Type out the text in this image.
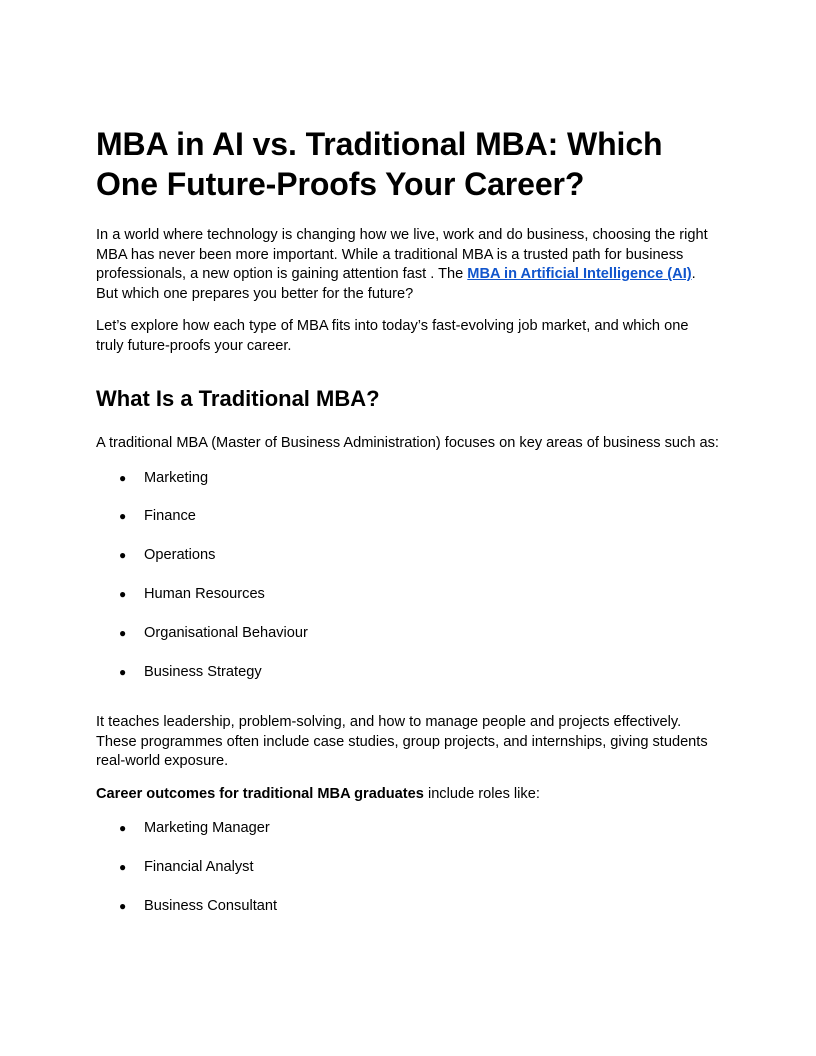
MBA in AI vs. Traditional MBA: Which One Future-Proofs Your Career?

In a world where technology is changing how we live, work and do business, choosing the right MBA has never been more important. While a traditional MBA is a trusted path for business professionals, a new option is gaining attention fast . The MBA in Artificial Intelligence (AI). But which one prepares you better for the future?

Let’s explore how each type of MBA fits into today’s fast-evolving job market, and which one truly future-proofs your career.

What Is a Traditional MBA?

A traditional MBA (Master of Business Administration) focuses on key areas of business such as:

● Marketing
● Finance
● Operations
● Human Resources
● Organisational Behaviour
● Business Strategy

It teaches leadership, problem-solving, and how to manage people and projects effectively. These programmes often include case studies, group projects, and internships, giving students real-world exposure.

Career outcomes for traditional MBA graduates include roles like:

● Marketing Manager
● Financial Analyst
● Business Consultant
